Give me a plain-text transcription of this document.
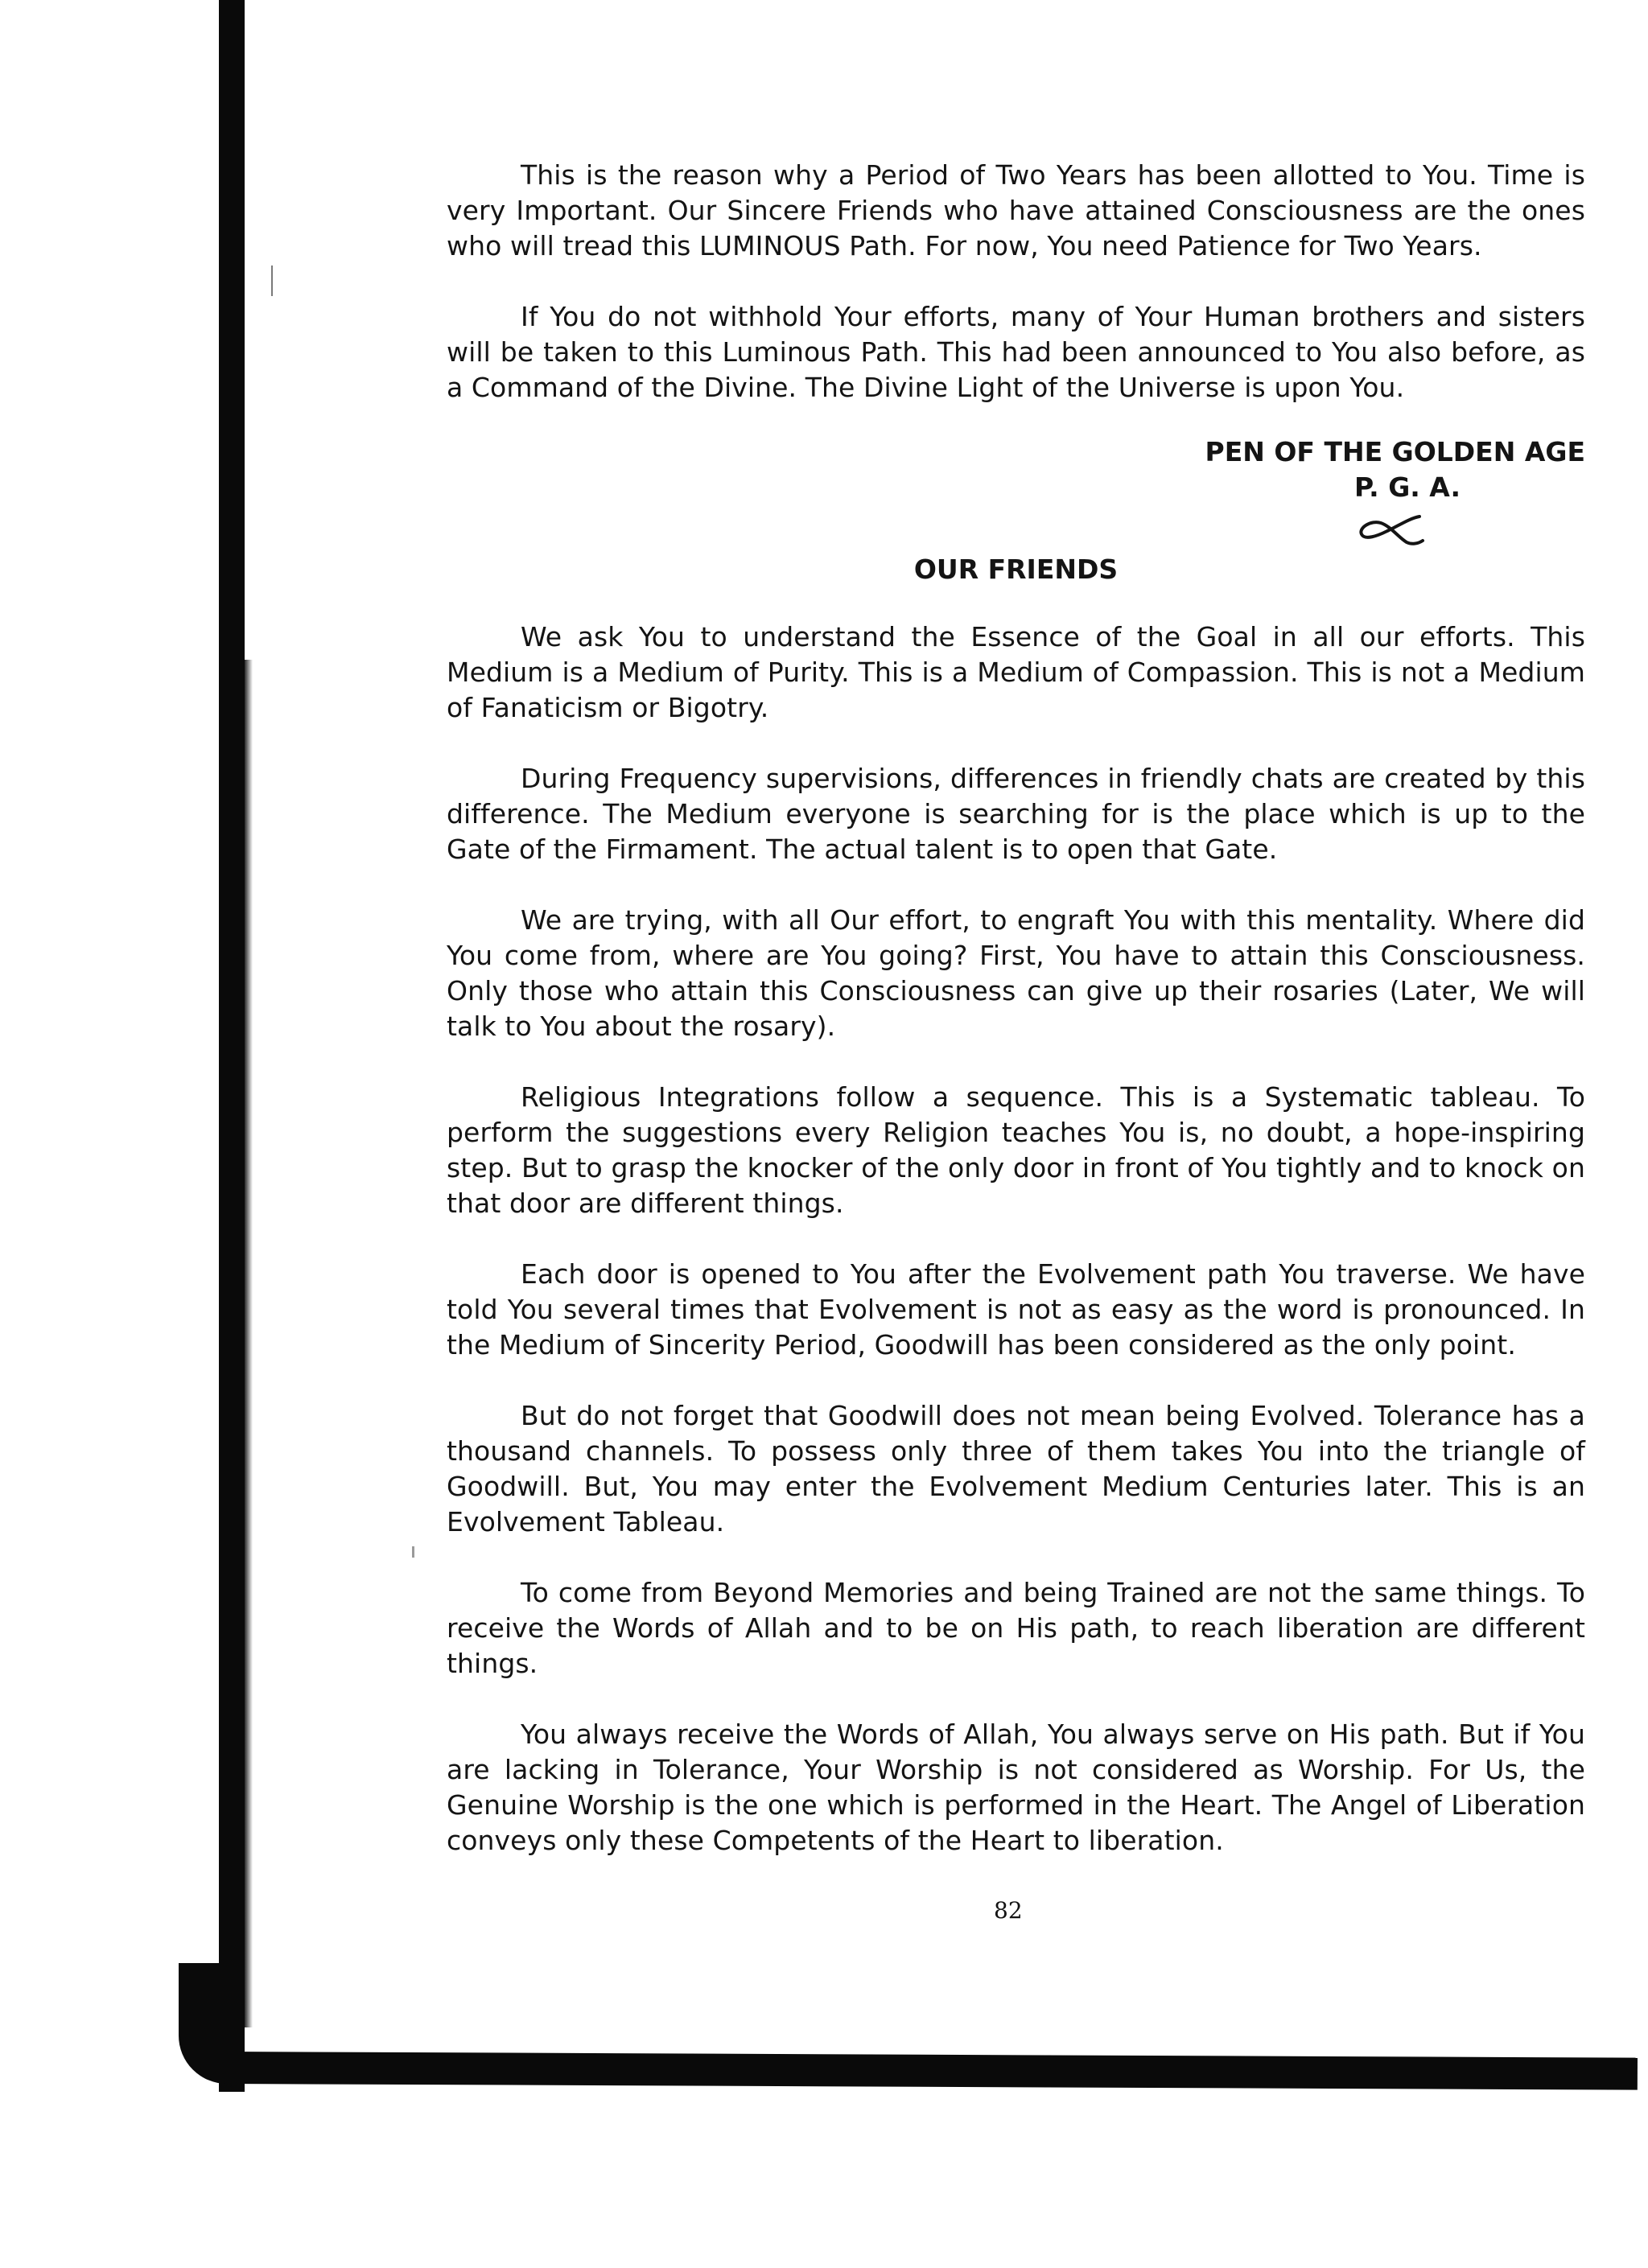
This is the reason why a Period of Two Years has been allotted to You. Time is very Important. Our Sincere Friends who have attained Consciousness are the ones who will tread this LUMINOUS Path. For now, You need Patience for Two Years.

If You do not withhold Your efforts, many of Your Human brothers and sisters will be taken to this Luminous Path. This had been announced to You also before, as a Command of the Divine. The Divine Light of the Universe is upon You.

PEN OF THE GOLDEN AGE
P. G. A.
OUR FRIENDS

We ask You to understand the Essence of the Goal in all our efforts. This Medium is a Medium of Purity. This is a Medium of Compassion. This is not a Medium of Fanaticism or Bigotry.

During Frequency supervisions, differences in friendly chats are created by this difference. The Medium everyone is searching for is the place which is up to the Gate of the Firmament. The actual talent is to open that Gate.

We are trying, with all Our effort, to engraft You with this mentality. Where did You come from, where are You going? First, You have to attain this Consciousness. Only those who attain this Consciousness can give up their rosaries (Later, We will talk to You about the rosary).

Religious Integrations follow a sequence. This is a Systematic tableau. To perform the suggestions every Religion teaches You is, no doubt, a hope-inspiring step. But to grasp the knocker of the only door in front of You tightly and to knock on that door are different things.

Each door is opened to You after the Evolvement path You traverse. We have told You several times that Evolvement is not as easy as the word is pronounced. In the Medium of Sincerity Period, Goodwill has been considered as the only point.

But do not forget that Goodwill does not mean being Evolved. Tolerance has a thousand channels. To possess only three of them takes You into the triangle of Goodwill. But, You may enter the Evolvement Medium Centuries later. This is an Evolvement Tableau.

To come from Beyond Memories and being Trained are not the same things. To receive the Words of Allah and to be on His path, to reach liberation are different things.

You always receive the Words of Allah, You always serve on His path. But if You are lacking in Tolerance, Your Worship is not considered as Worship. For Us, the Genuine Worship is the one which is performed in the Heart. The Angel of Liberation conveys only these Competents of the Heart to liberation.

82
